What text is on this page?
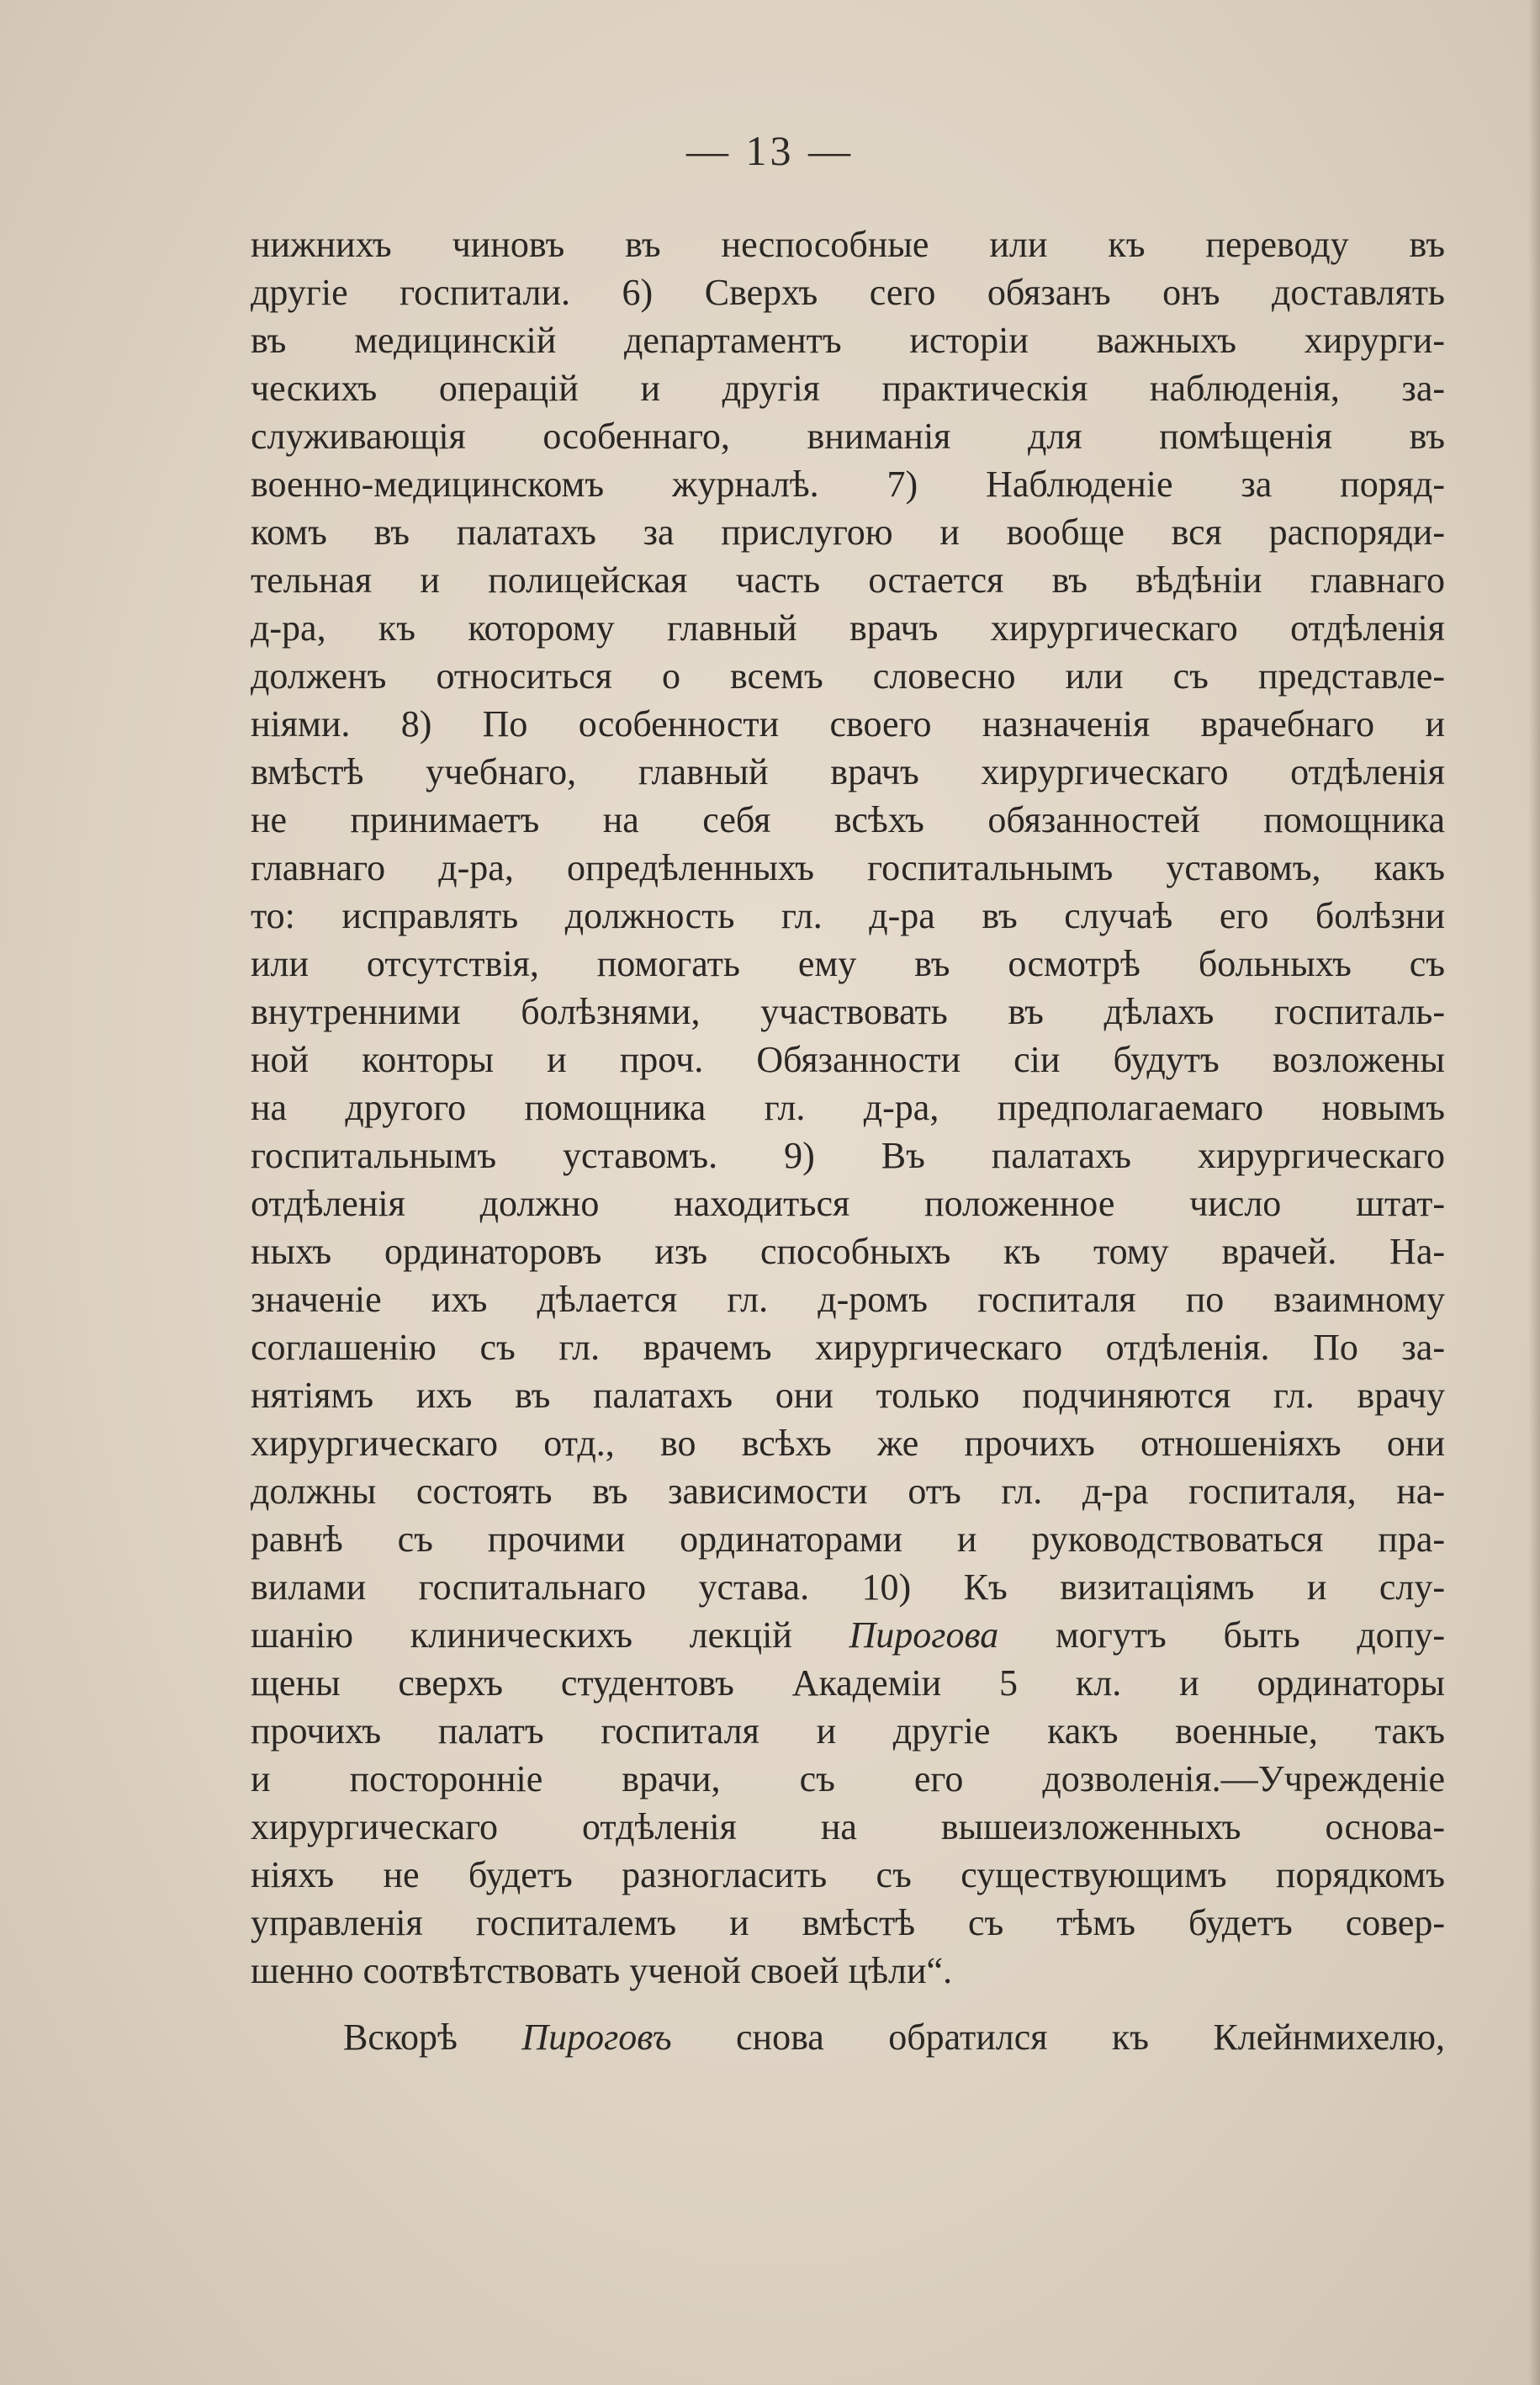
— 13 —
нижнихъ чиновъ въ неспособные или къ переводу въ
другіе госпитали. 6) Сверхъ сего обязанъ онъ доставлять
въ медицинскій департаментъ исторіи важныхъ хирурги-
ческихъ операцій и другія практическія наблюденія, за-
служивающія особеннаго, вниманія для помѣщенія въ
военно-медицинскомъ журналѣ. 7) Наблюденіе за поряд-
комъ въ палатахъ за прислугою и вообще вся распоряди-
тельная и полицейская часть остается въ вѣдѣніи главнаго
д-ра, къ которому главный врачъ хирургическаго отдѣленія
долженъ относиться о всемъ словесно или съ представле-
ніями. 8) По особенности своего назначенія врачебнаго и
вмѣстѣ учебнаго, главный врачъ хирургическаго отдѣленія
не принимаетъ на себя всѣхъ обязанностей помощника
главнаго д-ра, опредѣленныхъ госпитальнымъ уставомъ, какъ
то: исправлять должность гл. д-ра въ случаѣ его болѣзни
или отсутствія, помогать ему въ осмотрѣ больныхъ съ
внутренними болѣзнями, участвовать въ дѣлахъ госпиталь-
ной конторы и проч. Обязанности сіи будутъ возложены
на другого помощника гл. д-ра, предполагаемаго новымъ
госпитальнымъ уставомъ. 9) Въ палатахъ хирургическаго
отдѣленія должно находиться положенное число штат-
ныхъ ординаторовъ изъ способныхъ къ тому врачей. На-
значеніе ихъ дѣлается гл. д-ромъ госпиталя по взаимному
соглашенію съ гл. врачемъ хирургическаго отдѣленія. По за-
нятіямъ ихъ въ палатахъ они только подчиняются гл. врачу
хирургическаго отд., во всѣхъ же прочихъ отношеніяхъ они
должны состоять въ зависимости отъ гл. д-ра госпиталя, на-
равнѣ съ прочими ординаторами и руководствоваться пра-
вилами госпитальнаго устава. 10) Къ визитаціямъ и слу-
шанію клиническихъ лекцій Пирогова могутъ быть допу-
щены сверхъ студентовъ Академіи 5 кл. и ординаторы
прочихъ палатъ госпиталя и другіе какъ военные, такъ
и посторонніе врачи, съ его дозволенія.—Учрежденіе
хирургическаго отдѣленія на вышеизложенныхъ основа-
ніяхъ не будетъ разногласить съ существующимъ порядкомъ
управленія госпиталемъ и вмѣстѣ съ тѣмъ будетъ совер-
шенно соотвѣтствовать ученой своей цѣли“.
Вскорѣ Пироговъ снова обратился къ Клейнмихелю,
